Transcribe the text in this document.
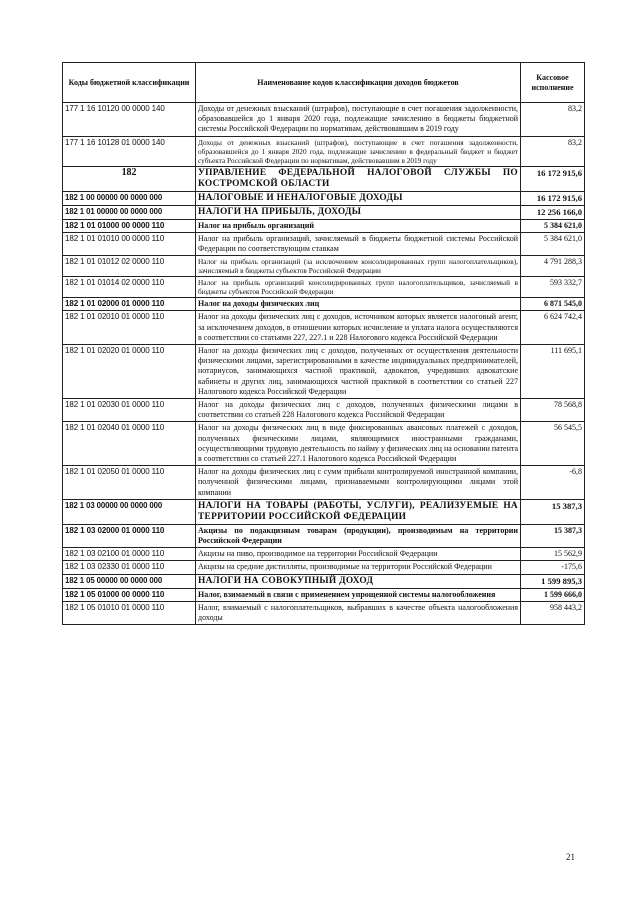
Коды бюджетной классификации	Наименование кодов классификации доходов бюджетов	Кассовое исполнение
177 1 16 10120 00 0000 140	Доходы от денежных взысканий (штрафов), поступающие в счет погашения задолженности, образовавшейся до 1 января 2020 года, подлежащие зачислению в бюджеты бюджетной системы Российской Федерации по нормативам, действовавшим в 2019 году	83,2
177 1 16 10128 01 0000 140	Доходы от денежных взысканий (штрафов), поступающие в счет погашения задолженности, образовавшейся до 1 января 2020 года, подлежащие зачислению в федеральный бюджет и бюджет субъекта Российской Федерации по нормативам, действовавшим в 2019 году	83,2
182	УПРАВЛЕНИЕ ФЕДЕРАЛЬНОЙ НАЛОГОВОЙ СЛУЖБЫ ПО КОСТРОМСКОЙ ОБЛАСТИ	16 172 915,6
182 1 00 00000 00 0000 000	НАЛОГОВЫЕ И НЕНАЛОГОВЫЕ ДОХОДЫ	16 172 915,6
182 1 01 00000 00 0000 000	НАЛОГИ НА ПРИБЫЛЬ, ДОХОДЫ	12 256 166,0
182 1 01 01000 00 0000 110	Налог на прибыль организаций	5 384 621,0
182 1 01 01010 00 0000 110	Налог на прибыль организаций, зачисляемый в бюджеты бюджетной системы Российской Федерации по соответствующим ставкам	5 384 621,0
182 1 01 01012 02 0000 110	Налог на прибыль организаций (за исключением консолидированных групп налогоплательщиков), зачисляемый в бюджеты субъектов Российской Федерации	4 791 288,3
182 1 01 01014 02 0000 110	Налог на прибыль организаций консолидированных групп налогоплательщиков, зачисляемый в бюджеты субъектов Российской Федерации	593 332,7
182 1 01 02000 01 0000 110	Налог на доходы физических лиц	6 871 545,0
182 1 01 02010 01 0000 110	Налог на доходы физических лиц с доходов, источником которых является налоговый агент, за исключением доходов, в отношении которых исчисление и уплата налога осуществляются в соответствии со статьями 227, 227.1 и 228 Налогового кодекса Российской Федерации	6 624 742,4
182 1 01 02020 01 0000 110	Налог на доходы физических лиц с доходов, полученных от осуществления деятельности физическими лицами, зарегистрированными в качестве индивидуальных предпринимателей, нотариусов, занимающихся частной практикой, адвокатов, учредивших адвокатские кабинеты и других лиц, занимающихся частной практикой в соответствии со статьей 227 Налогового кодекса Российской Федерации	111 695,1
182 1 01 02030 01 0000 110	Налог на доходы физических лиц с доходов, полученных физическими лицами в соответствии со статьей 228 Налогового кодекса Российской Федерации	78 568,8
182 1 01 02040 01 0000 110	Налог на доходы физических лиц в виде фиксированных авансовых платежей с доходов, полученных физическими лицами, являющимися иностранными гражданами, осуществляющими трудовую деятельность по найму у физических лиц на основании патента в соответствии со статьей 227.1 Налогового кодекса Российской Федерации	56 545,5
182 1 01 02050 01 0000 110	Налог на доходы физических лиц с сумм прибыли контролируемой иностранной компании, полученной физическими лицами, признаваемыми контролирующими лицами этой компании	-6,8
182 1 03 00000 00 0000 000	НАЛОГИ НА ТОВАРЫ (РАБОТЫ, УСЛУГИ), РЕАЛИЗУЕМЫЕ НА ТЕРРИТОРИИ РОССИЙСКОЙ ФЕДЕРАЦИИ	15 387,3
182 1 03 02000 01 0000 110	Акцизы по подакцизным товарам (продукции), производимым на территории Российской Федерации	15 387,3
182 1 03 02100 01 0000 110	Акцизы на пиво, производимое на территории Российской Федерации	15 562,9
182 1 03 02330 01 0000 110	Акцизы на средние дистилляты, производимые на территории Российской Федерации	-175,6
182 1 05 00000 00 0000 000	НАЛОГИ НА СОВОКУПНЫЙ ДОХОД	1 599 895,3
182 1 05 01000 00 0000 110	Налог, взимаемый в связи с применением упрощенной системы налогообложения	1 599 666,0
182 1 05 01010 01 0000 110	Налог, взимаемый с налогоплательщиков, выбравших в качестве объекта налогообложения доходы	958 443,2
21
